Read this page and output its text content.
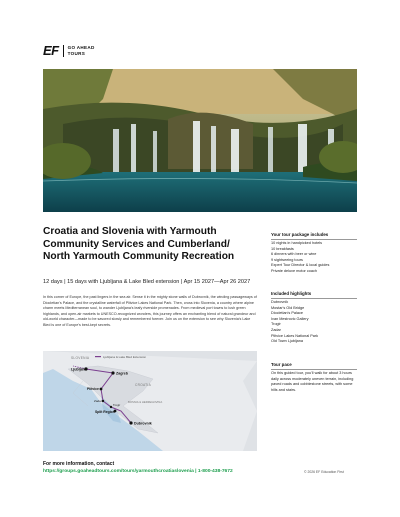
EF GO AHEAD
TOURS
Croatia and Slovenia with Yarmouth Community Services and Cumberland/ North Yarmouth Community Recreation
12 days | 15 days with Ljubljana & Lake Bled extension | Apr 15 2027—Apr 26 2027

In this corner of Europe, the past lingers in the sea air. Sense it in the mighty stone walls of Dubrovnik, the winding passageways of Diocletian's Palace, and the crystalline waterfall of Plitvice Lakes National Park. Then, cross into Slovenia, a country where alpine charm meets Mediterranean soul, to wander Ljubljana's leafy riverside promenades. From medieval port towns to lush green highlands, and open-air markets to UNESCO-recognized wonders, this journey offers an enchanting blend of natural grandeur and old-world character—made to be savored slowly and remembered forever. Join us on the extension to see why Slovenia's Lake Bled is one of Europe's best-kept secrets.

Ljubljana & Lake Bled Extension
SLOVENIA
CROATIA
BOSNIA & HERZEGOVINA
Ljubljana
Zagreb
Plitvice
Zadar
Trogir
Split Region
Dubrovnik
For more information, contact
https://groups.goaheadtours.com/tours/yarmouthcroatiaslovenia | 1-800-438-7672	© 2026 EF Education First
Your tour package includes
10 nights in handpicked hotels
10 breakfasts
6 dinners with beer or wine
9 sightseeing tours
Expert Tour Director & local guides
Private deluxe motor coach
Included highlights
Dubrovnik
Mostar's Old Bridge
Diocletian's Palace
Ivan Mestrovic Gallery
Trogir
Zadar
Plitvice Lakes National Park
Old Town Ljubljana
Tour pace

On this guided tour, you'll walk for about 3 hours daily across moderately uneven terrain, including paved roads and cobblestone streets, with some hills and stairs.
